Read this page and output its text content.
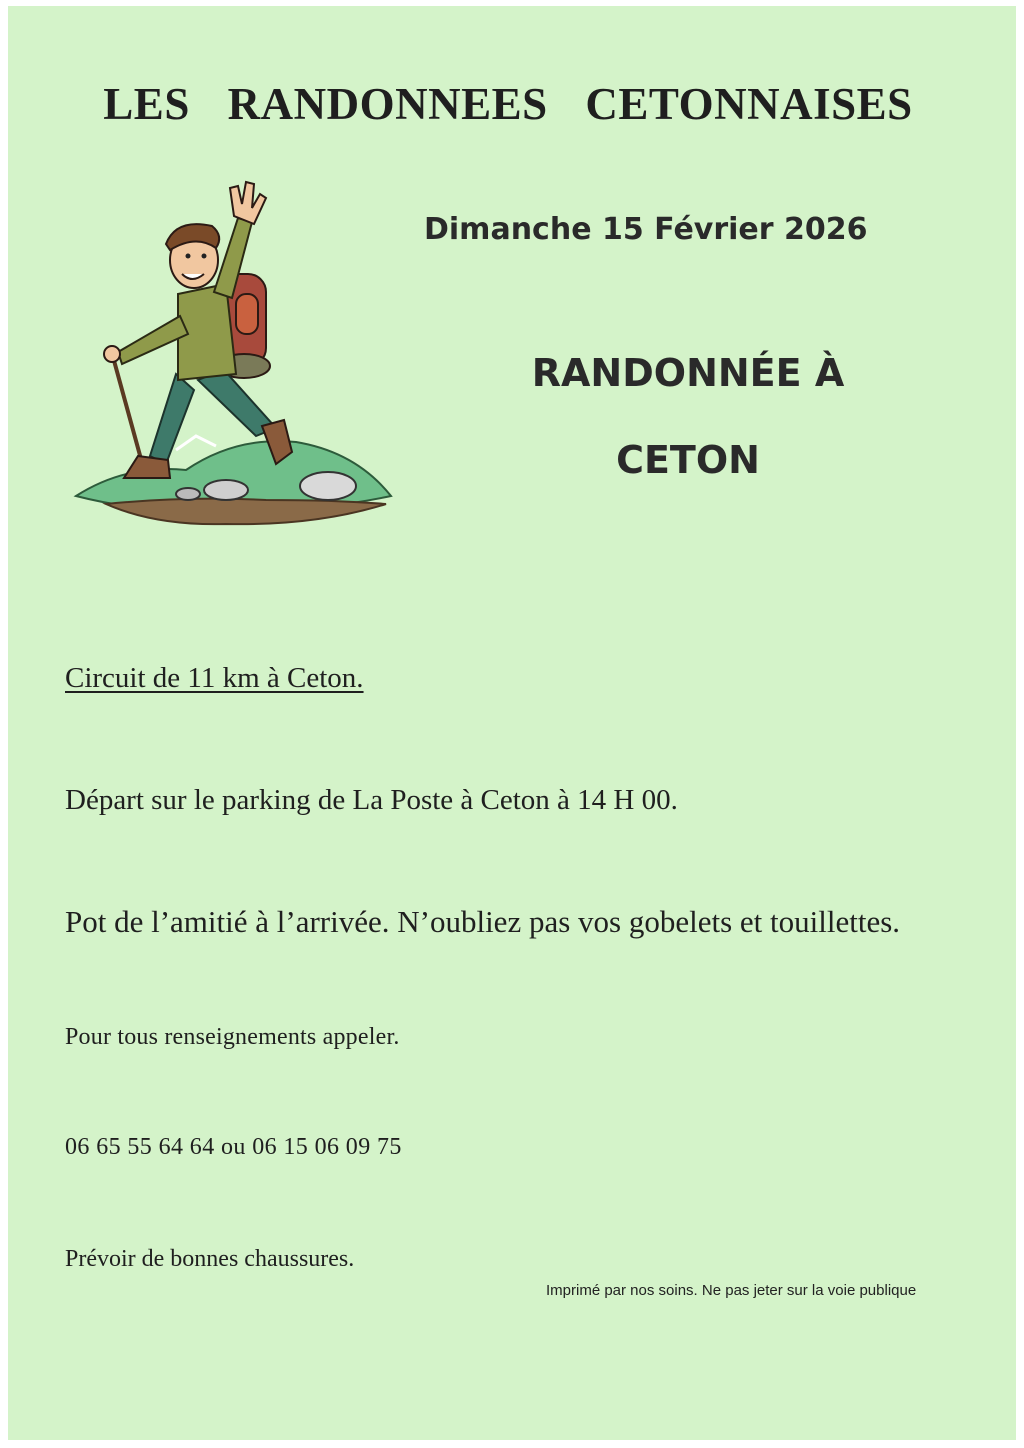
LES RANDONNEES CETONNAISES

Dimanche 15 Février 2026

RANDONNÉE À

CETON

Circuit de 11 km à Ceton.

Départ sur le parking de La Poste à Ceton à 14 H 00.

Pot de l’amitié à l’arrivée. N’oubliez pas vos gobelets et touillettes.

Pour tous renseignements appeler.

06 65 55 64 64 ou 06 15 06 09 75

Prévoir de bonnes chaussures.

Imprimé par nos soins. Ne pas jeter sur la voie publique
